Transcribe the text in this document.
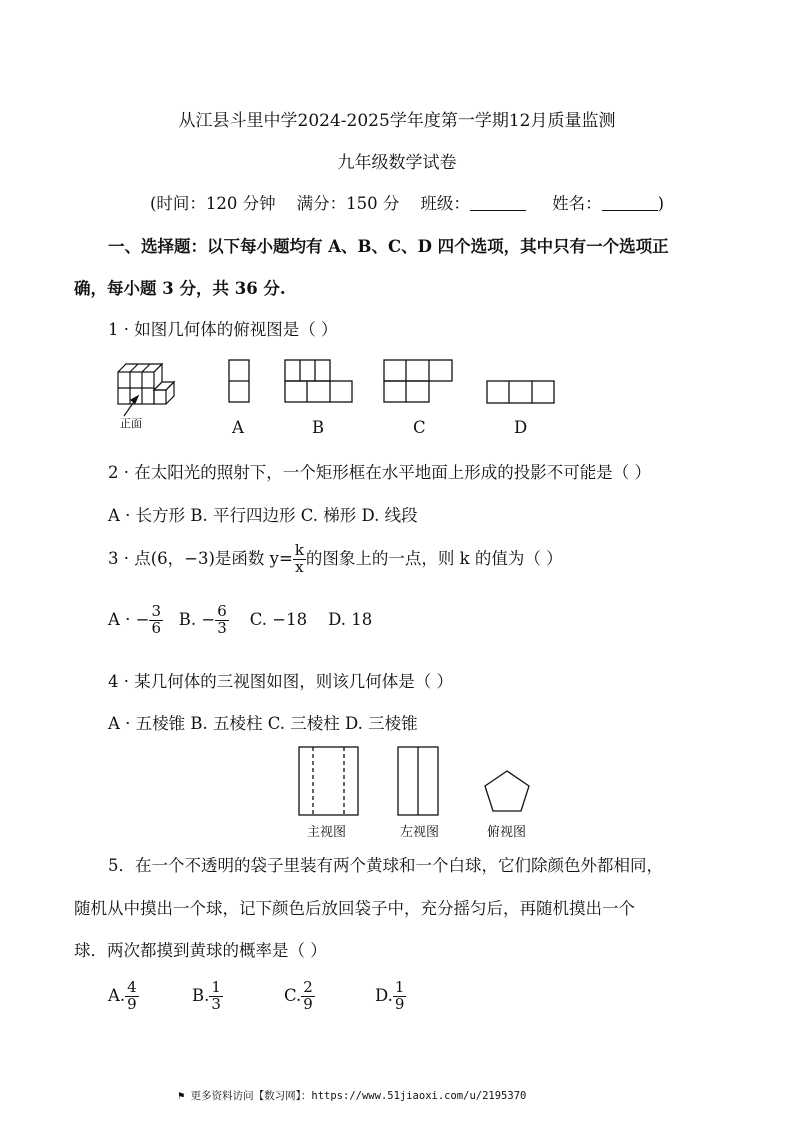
从江县斗里中学2024-2025学年度第一学期12月质量监测
九年级数学试卷
(时间：120 分钟 满分：150 分 班级：	姓名：	)
一、选择题：以下每小题均有 A、B、C、D 四个选项，其中只有一个选项正
确，每小题 3 分，共 36 分.
1 · 如图几何体的俯视图是（ ）
正面	A	B	C	D
2 · 在太阳光的照射下，一个矩形框在水平地面上形成的投影不可能是（ ）
A · 长方形 B. 平行四边形 C. 梯形 D. 线段
3 · 点(6，−3)是函数 $y= \frac{k}{x}$ 的图象上的一点，则 k 的值为（ ）
A · − $\frac{3}{6} B$. − $\frac{6}{3} C$. −18 D. 18
4 · 某几何体的三视图如图，则该几何体是（ ）
A · 五棱锥 B. 五棱柱 C. 三棱柱 D. 三棱锥
主视图	左视图	俯视图
5．在一个不透明的袋子里装有两个黄球和一个白球，它们除颜色外都相同，
随机从中摸出一个球，记下颜色后放回袋子中，充分摇匀后，再随机摸出一个
球．两次都摸到黄球的概率是（ ）
A. $\frac{4}{9}$	B. $\frac{1}{3}$	C. $\frac{2}{9}$	D. $\frac{1}{9}$
⚑ 更多资料访问【数习网】：https://www.51jiaoxi.com/u/2195370
